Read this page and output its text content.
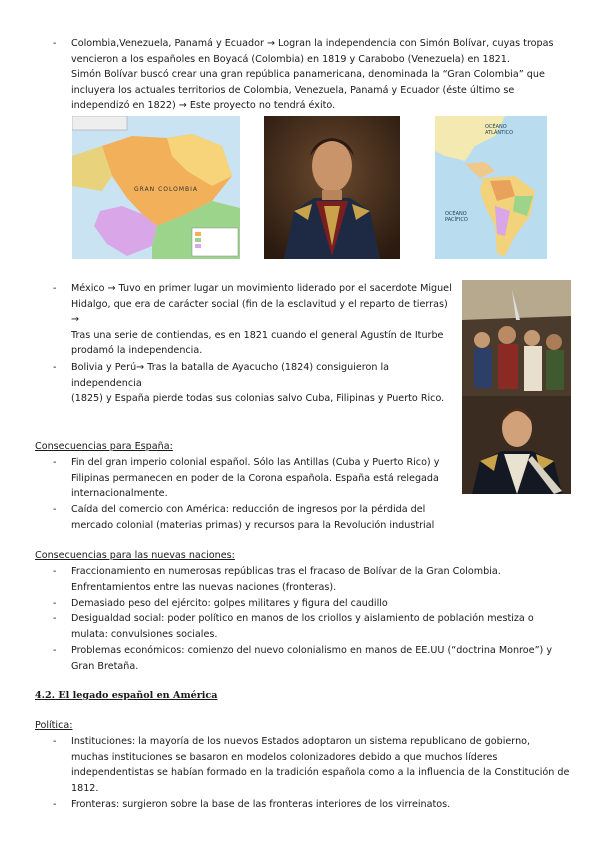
-	Colombia,Venezuela, Panamá y Ecuador → Logran la independencia con Simón Bolívar, cuyas tropas
vencieron a los españoles en Boyacá (Colombia) en 1819 y Carabobo (Venezuela) en 1821.
Simón Bolívar buscó crear una gran república panamericana, denominada la “Gran Colombia” que
incluyera los actuales territorios de Colombia, Venezuela, Panamá y Ecuador (éste último se
independizó en 1822) → Este proyecto no tendrá éxito.
GRAN COLOMBIA
OCÉANO ATLÁNTICO
OCÉANO PACÍFICO
-	México → Tuvo en primer lugar un movimiento liderado por el sacerdote Miguel
Hidalgo, que era de carácter social (fin de la esclavitud y el reparto de tierras) →
Tras una serie de contiendas, es en 1821 cuando el general Agustín de Iturbe
prodamó la independencia.
-	Bolivia y Perú→ Tras la batalla de Ayacucho (1824) consiguieron la independencia
(1825) y España pierde todas sus colonias salvo Cuba, Filipinas y Puerto Rico.
Consecuencias para España:
-	Fin del gran imperio colonial español. Sólo las Antillas (Cuba y Puerto Rico) y
Filipinas permanecen en poder de la Corona española. España está relegada
internacionalmente.
-	Caída del comercio con América: reducción de ingresos por la pérdida del
mercado colonial (materias primas) y recursos para la Revolución industrial
Consecuencias para las nuevas naciones:
-	Fraccionamiento en numerosas repúblicas tras el fracaso de Bolívar de la Gran Colombia.
Enfrentamientos entre las nuevas naciones (fronteras).
-	Demasiado peso del ejército: golpes militares y figura del caudillo
-	Desigualdad social: poder político en manos de los criollos y aislamiento de población mestiza o
mulata: convulsiones sociales.
-	Problemas económicos: comienzo del nuevo colonialismo en manos de EE.UU (“doctrina Monroe”) y
Gran Bretaña.
4.2. El legado español en América
Política:
-	Instituciones: la mayoría de los nuevos Estados adoptaron un sistema republicano de gobierno,
muchas instituciones se basaron en modelos colonizadores debido a que muchos líderes
independentistas se habían formado en la tradición española como a la influencia de la Constitución de
1812.
-	Fronteras: surgieron sobre la base de las fronteras interiores de los virreinatos.
